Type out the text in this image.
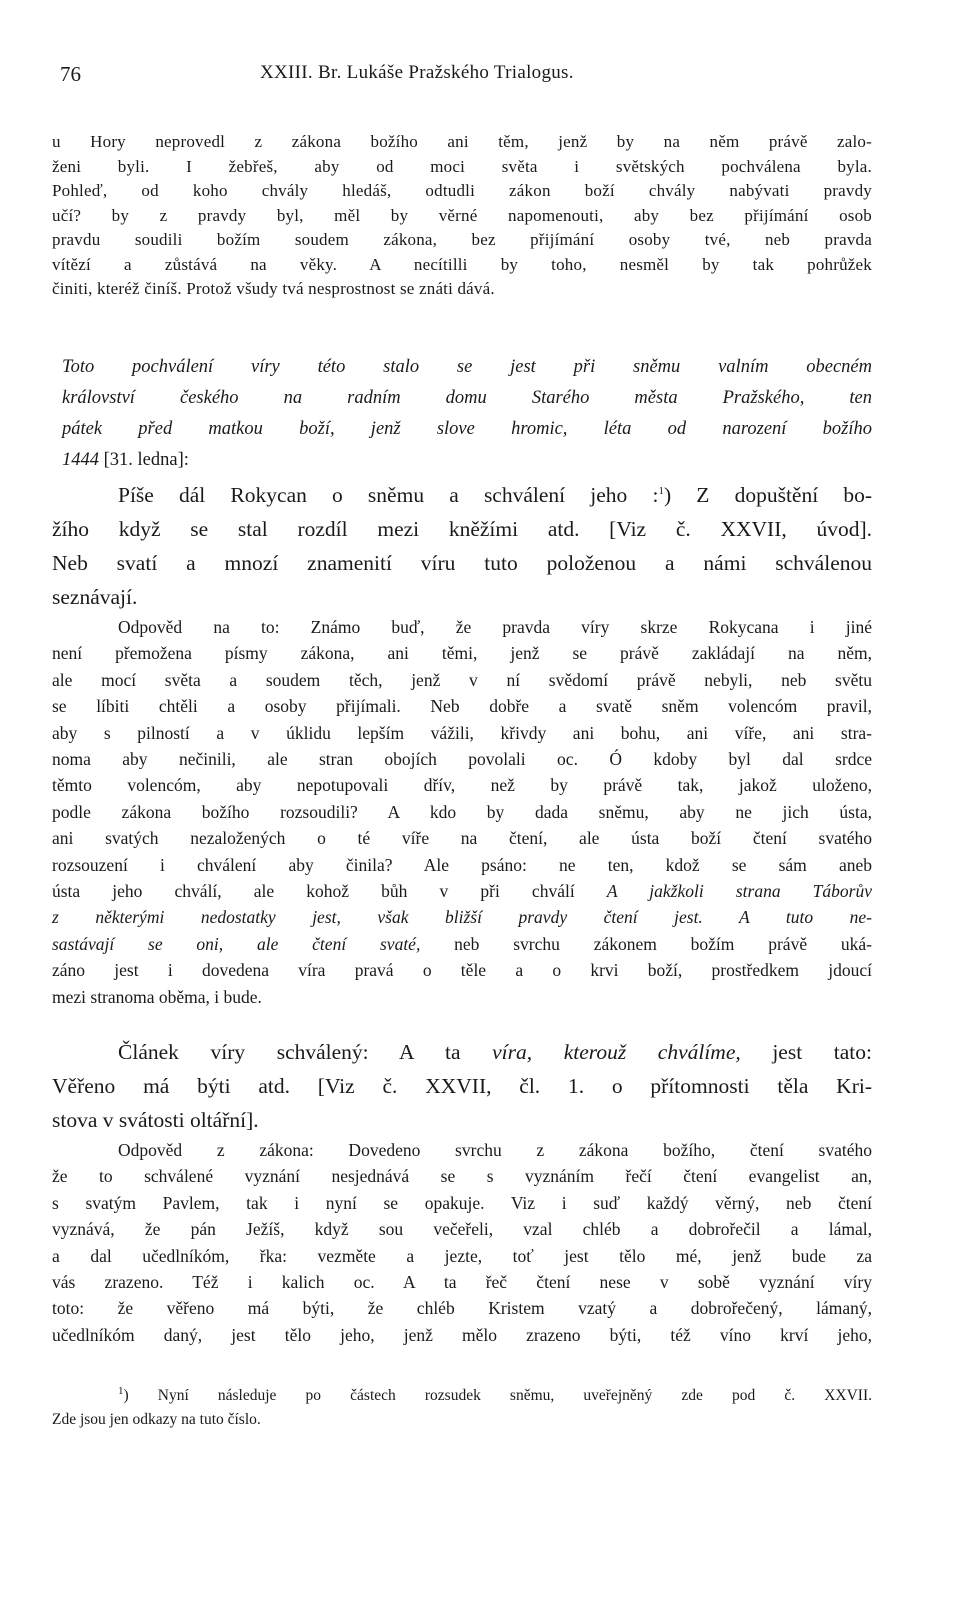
76	XXIII. Br. Lukáše Pražského Trialogus.
u Hory neprovedl z zákona božího ani těm, jenž by na něm právě zalo-
ženi byli. I žebřeš, aby od moci světa i světských pochválena byla.
Pohleď, od koho chvály hledáš, odtudli zákon boží chvály nabývati pravdy
učí? by z pravdy byl, měl by věrné napomenouti, aby bez přijímání osob
pravdu soudili božím soudem zákona, bez přijímání osoby tvé, neb pravda
vítězí a zůstává na věky. A necítilli by toho, nesměl by tak pohrůžek
činiti, kteréž činíš. Protož všudy tvá nesprostnost se znáti dává.
Toto pochválení víry této stalo se jest při sněmu valním obecném
království českého na radním domu Starého města Pražského, ten
pátek před matkou boží, jenž slove hromic, léta od narození božího
1444 [31. ledna]:
Píše dál Rokycan o sněmu a schválení jeho :$^1$) Z dopuštění bo-
žího když se stal rozdíl mezi kněžími atd. [Viz č. XXVII, úvod].
Neb svatí a mnozí znamenití víru tuto položenou a námi schválenou
seznávají.
Odpověd na to: Známo buď, že pravda víry skrze Rokycana i jiné
není přemožena písmy zákona, ani těmi, jenž se právě zakládají na něm,
ale mocí světa a soudem těch, jenž v ní svědomí právě nebyli, neb světu
se líbiti chtěli a osoby přijímali. Neb dobře a svatě sněm volencóm pravil,
aby s pilností a v úklidu lepším vážili, křivdy ani bohu, ani víře, ani stra-
noma aby nečinili, ale stran obojích povolali oc. Ó kdoby byl dal srdce
těmto volencóm, aby nepotupovali dřív, než by právě tak, jakož uloženo,
podle zákona božího rozsoudili? A kdo by dada sněmu, aby ne jich ústa,
ani svatých nezaložených o té víře na čtení, ale ústa boží čtení svatého
rozsouzení i chválení aby činila? Ale psáno: ne ten, kdož se sám aneb
ústa jeho chválí, ale kohož bůh v při chválí A jakžkoli strana Táborův
z některými nedostatky jest, však bližší pravdy čtení jest. A tuto ne-
sastávají se oni, ale čtení svaté, neb svrchu zákonem božím právě uká-
záno jest i dovedena víra pravá o těle a o krvi boží, prostředkem jdoucí
mezi stranoma oběma, i bude.
Článek víry schválený: A ta víra, kterouž chválíme, jest tato:
Věřeno má býti atd. [Viz č. XXVII, čl. 1. o přítomnosti těla Kri-
stova v svátosti oltářní].
Odpověd z zákona: Dovedeno svrchu z zákona božího, čtení svatého
že to schválené vyznání nesjednává se s vyznáním řečí čtení evangelist an,
s svatým Pavlem, tak i nyní se opakuje. Viz i suď každý věrný, neb čtení
vyznává, že pán Ježíš, když sou večeřeli, vzal chléb a dobrořečil a lámal,
a dal učedlníkóm, řka: vezměte a jezte, toť jest tělo mé, jenž bude za
vás zrazeno. Též i kalich oc. A ta řeč čtení nese v sobě vyznání víry
toto: že věřeno má býti, že chléb Kristem vzatý a dobrořečený, lámaný,
učedlníkóm daný, jest tělo jeho, jenž mělo zrazeno býti, též víno krví jeho,
$^1$) Nyní následuje po částech rozsudek sněmu, uveřejněný zde pod č. XXVII.
Zde jsou jen odkazy na tuto číslo.
